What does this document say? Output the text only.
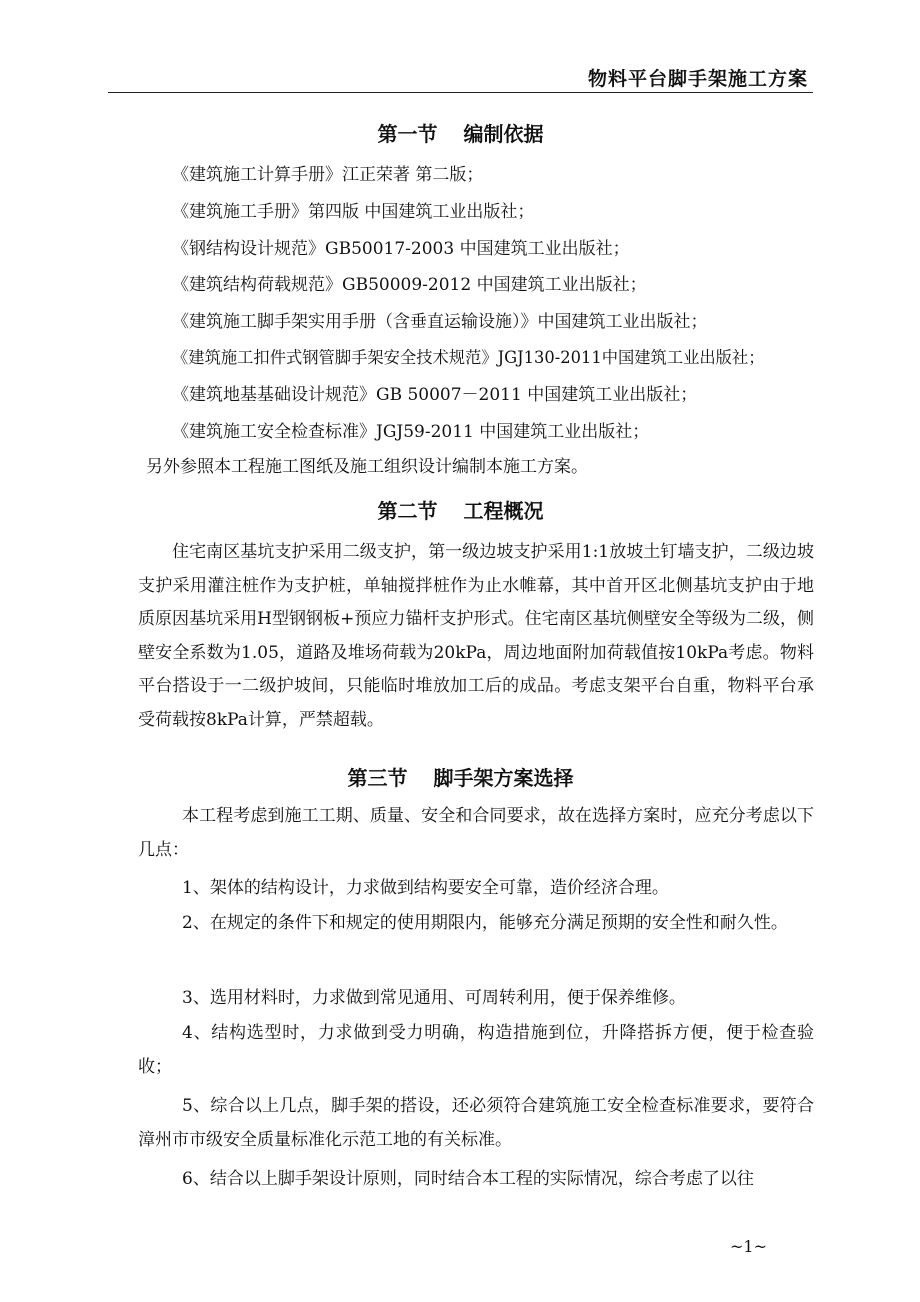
物料平台脚手架施工方案
第一节 编制依据
《建筑施工计算手册》江正荣著 第二版；
《建筑施工手册》第四版 中国建筑工业出版社；
《钢结构设计规范》GB50017-2003 中国建筑工业出版社；
《建筑结构荷载规范》GB50009-2012 中国建筑工业出版社；
《建筑施工脚手架实用手册（含垂直运输设施）》中国建筑工业出版社；
《建筑施工扣件式钢管脚手架安全技术规范》JGJ130-2011中国建筑工业出版社；
《建筑地基基础设计规范》GB 50007－2011 中国建筑工业出版社；
《建筑施工安全检查标准》JGJ59-2011 中国建筑工业出版社；
另外参照本工程施工图纸及施工组织设计编制本施工方案。
第二节 工程概况
住宅南区基坑支护采用二级支护，第一级边坡支护采用1:1放坡土钉墙支护，二级边坡支护采用灌注桩作为支护桩，单轴搅拌桩作为止水帷幕，其中首开区北侧基坑支护由于地质原因基坑采用H型钢钢板+预应力锚杆支护形式。住宅南区基坑侧壁安全等级为二级，侧壁安全系数为1.05，道路及堆场荷载为20kPa，周边地面附加荷载值按10kPa考虑。物料平台搭设于一二级护坡间，只能临时堆放加工后的成品。考虑支架平台自重，物料平台承受荷载按8kPa计算，严禁超载。
第三节 脚手架方案选择
本工程考虑到施工工期、质量、安全和合同要求，故在选择方案时，应充分考虑以下几点：
1、架体的结构设计，力求做到结构要安全可靠，造价经济合理。
2、在规定的条件下和规定的使用期限内，能够充分满足预期的安全性和耐久性。
3、选用材料时，力求做到常见通用、可周转利用，便于保养维修。
4、结构选型时，力求做到受力明确，构造措施到位，升降搭拆方便，便于检查验收；
5、综合以上几点，脚手架的搭设，还必须符合建筑施工安全检查标准要求，要符合漳州市市级安全质量标准化示范工地的有关标准。
6、结合以上脚手架设计原则，同时结合本工程的实际情况，综合考虑了以往
~1~
